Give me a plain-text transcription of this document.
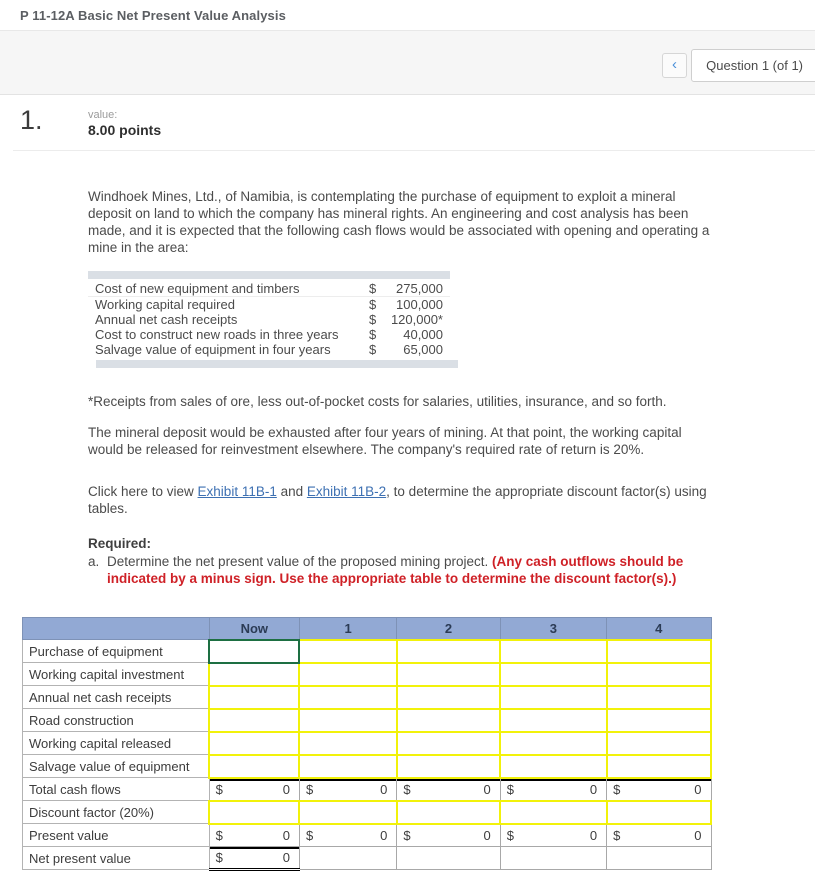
P 11-12A Basic Net Present Value Analysis
‹	Question 1 (of 1)
1.	value:
8.00 points

Windhoek Mines, Ltd., of Namibia, is contemplating the purchase of equipment to exploit a mineral deposit on land to which the company has mineral rights. An engineering and cost analysis has been made, and it is expected that the following cash flows would be associated with opening and operating a mine in the area:

Cost of new equipment and timbers	$	275,000
Working capital required	$	100,000
Annual net cash receipts	$	120,000*
Cost to construct new roads in three years	$	40,000
Salvage value of equipment in four years	$	65,000

*Receipts from sales of ore, less out-of-pocket costs for salaries, utilities, insurance, and so forth.

The mineral deposit would be exhausted after four years of mining. At that point, the working capital would be released for reinvestment elsewhere. The company's required rate of return is 20%.

Click here to view Exhibit 11B-1 and Exhibit 11B-2, to determine the appropriate discount factor(s) using tables.

Required:

a. Determine the net present value of the proposed mining project. (Any cash outflows should be indicated by a minus sign. Use the appropriate table to determine the discount factor(s).)
	Now	1	2	3	4
Purchase of equipment	

Working capital investment	

Annual net cash receipts	

Road construction	

Working capital released	

Salvage value of equipment	

Total cash flows	$ 0	$ 0	$ 0	$ 0	$ 0

Discount factor (20%)	

Present value	$ 0	$ 0	$ 0	$ 0	$ 0

Net present value	$ 0				
